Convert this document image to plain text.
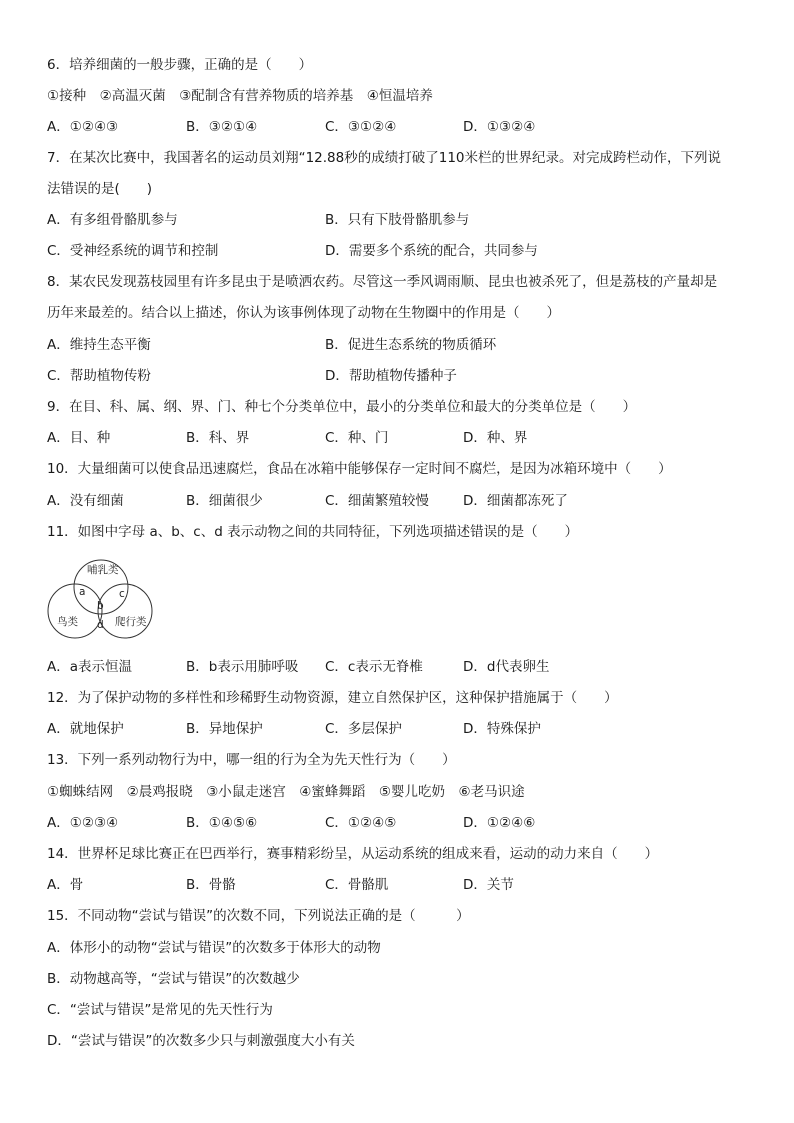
6．培养细菌的一般步骤，正确的是（　　）
①接种　②高温灭菌　③配制含有营养物质的培养基　④恒温培养
A．①②④③	B．③②①④	C．③①②④	D．①③②④
7．在某次比赛中，我国著名的运动员刘翔“12.88秒的成绩打破了110米栏的世界纪录。对完成跨栏动作，下列说
法错误的是(　　)
A．有多组骨骼肌参与	B．只有下肢骨骼肌参与
C．受神经系统的调节和控制	D．需要多个系统的配合，共同参与
8．某农民发现荔枝园里有许多昆虫于是喷洒农药。尽管这一季风调雨顺、昆虫也被杀死了，但是荔枝的产量却是
历年来最差的。结合以上描述，你认为该事例体现了动物在生物圈中的作用是（　　）
A．维持生态平衡	B．促进生态系统的物质循环
C．帮助植物传粉	D．帮助植物传播种子
9．在目、科、属、纲、界、门、种七个分类单位中，最小的分类单位和最大的分类单位是（　　）
A．目、种	B．科、界	C．种、门	D．种、界
10．大量细菌可以使食品迅速腐烂，食品在冰箱中能够保存一定时间不腐烂，是因为冰箱环境中（　　）
A．没有细菌	B．细菌很少	C．细菌繁殖较慢	D．细菌都冻死了
11．如图中字母 a、b、c、d 表示动物之间的共同特征，下列选项描述错误的是（　　）
哺乳类
鸟类	爬行类
a
b
c
d
A．a表示恒温	B．b表示用肺呼吸 C．c表示无脊椎	D．d代表卵生
12．为了保护动物的多样性和珍稀野生动物资源，建立自然保护区，这种保护措施属于（　　）
A．就地保护	B．异地保护	C．多层保护	D．特殊保护
13．下列一系列动物行为中，哪一组的行为全为先天性行为（　　）
①蜘蛛结网　②晨鸡报晓　③小鼠走迷宫　④蜜蜂舞蹈　⑤婴儿吃奶　⑥老马识途
A．①②③④	B．①④⑤⑥	C．①②④⑤	D．①②④⑥
14．世界杯足球比赛正在巴西举行，赛事精彩纷呈，从运动系统的组成来看，运动的动力来自（　　）
A．骨	B．骨骼	C．骨骼肌	D．关节
15．不同动物“尝试与错误”的次数不同，下列说法正确的是（　　　）
A．体形小的动物“尝试与错误”的次数多于体形大的动物
B．动物越高等，“尝试与错误”的次数越少
C．“尝试与错误”是常见的先天性行为
D．“尝试与错误”的次数多少只与刺激强度大小有关
